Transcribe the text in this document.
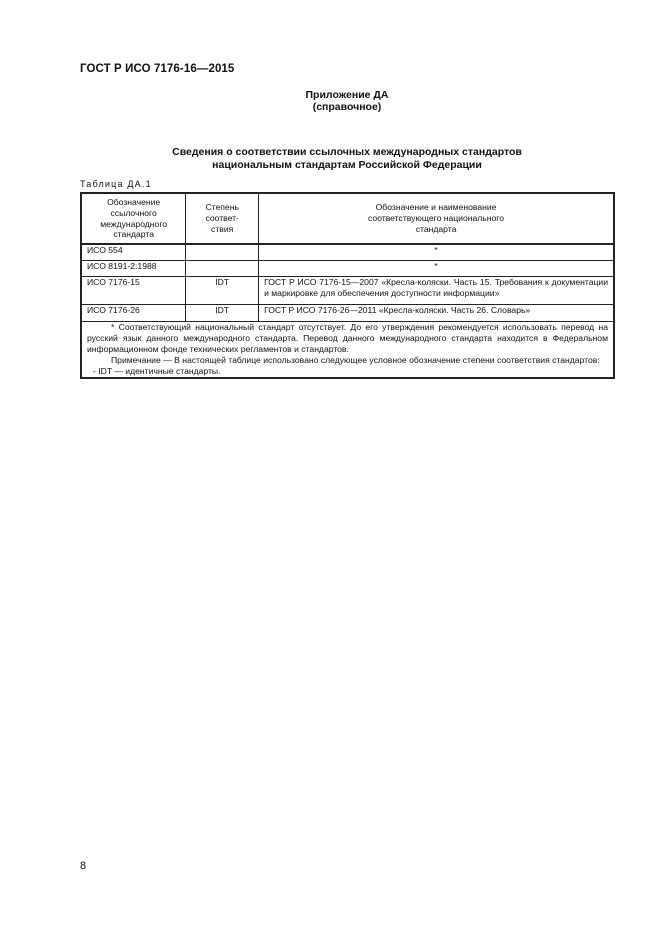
ГОСТ Р ИСО 7176-16—2015
Приложение ДА
(справочное)
Сведения о соответствии ссылочных международных стандартов
национальным стандартам Российской Федерации
Таблица ДА.1
Обозначение ссылочного международного стандарта	Степень соответ-ствия	Обозначение и наименование соответствующего национального стандарта
ИСО 554		*
ИСО 8191-2:1988		*
ИСО 7176-15	IDT	ГОСТ Р ИСО 7176-15—2007 «Кресла-коляски. Часть 15. Требования к документации и маркировке для обеспечения доступности информации»
ИСО 7176-26	IDT	ГОСТ Р ИСО 7176-26—2011 «Кресла-коляски. Часть 26. Словарь»

* Соответствующий национальный стандарт отсутствует. До его утверждения рекомендуется использовать перевод на русский язык данного международного стандарта. Перевод данного международного стандарта находится в Федеральном информационном фонде технических регламентов и стандартов.

Примечание — В настоящей таблице использовано следующее условное обозначение степени соответствия стандартов:

- IDT — идентичные стандарты.		

8
